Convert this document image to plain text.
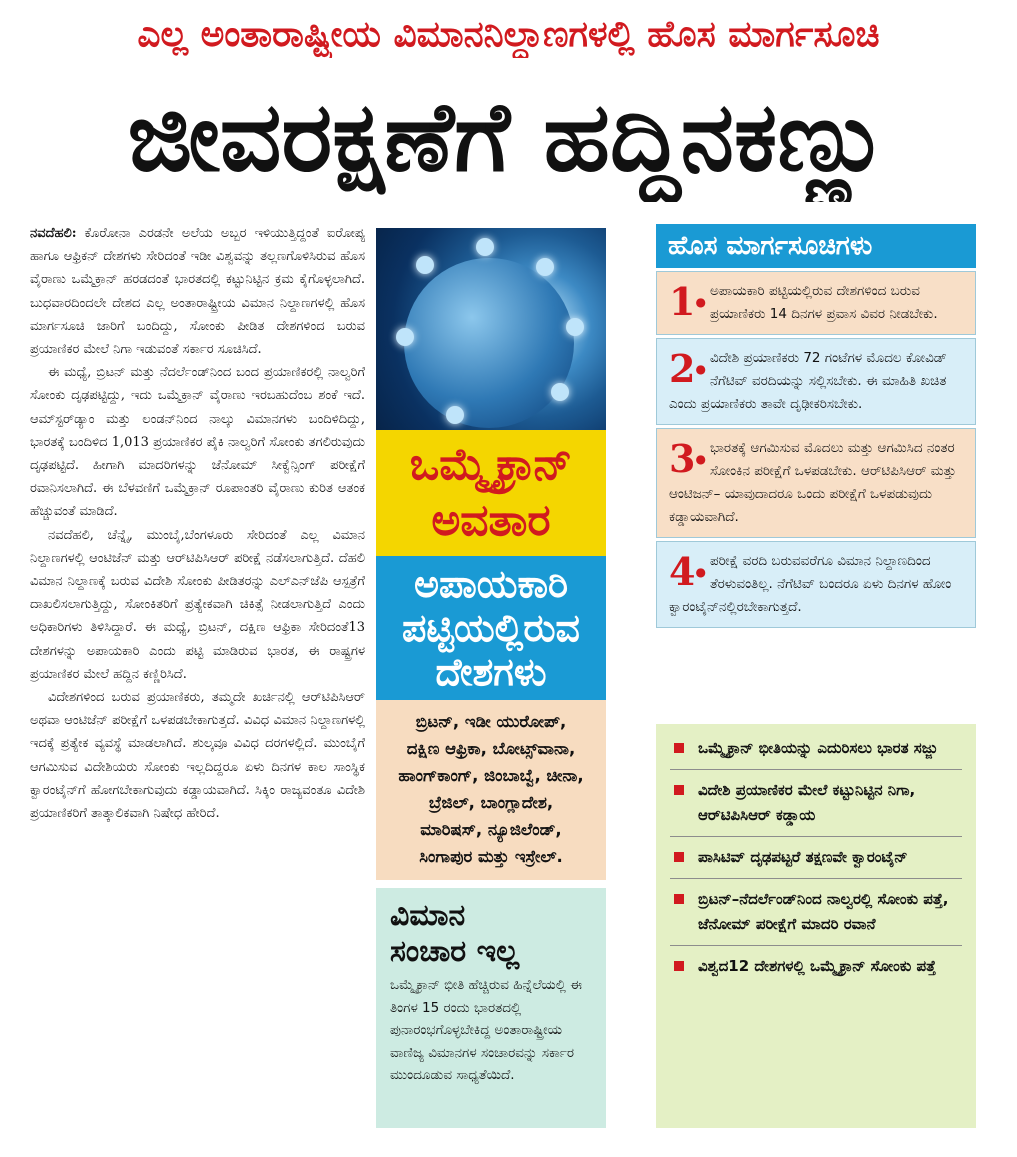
ಎಲ್ಲ ಅಂತಾರಾಷ್ಟ್ರೀಯ ವಿಮಾನನಿಲ್ದಾಣಗಳಲ್ಲಿ ಹೊಸ ಮಾರ್ಗಸೂಚಿ
ಜೀವರಕ್ಷಣೆಗೆ ಹದ್ದಿನಕಣ್ಣು

ನವದೆಹಲಿ: ಕೊರೋನಾ ಎರಡನೇ ಅಲೆಯ ಅಬ್ಬರ ಇಳಿಯುತ್ತಿದ್ದಂತೆ ಐರೋಪ್ಯ ಹಾಗೂ ಆಫ್ರಿಕನ್ ದೇಶಗಳು ಸೇರಿದಂತೆ ಇಡೀ ವಿಶ್ವವನ್ನು ತಲ್ಲಣಗೊಳಿಸಿರುವ ಹೊಸ ವೈರಾಣು ಒಮ್ಮೆಕ್ರಾನ್ ಹರಡದಂತೆ ಭಾರತದಲ್ಲಿ ಕಟ್ಟುನಿಟ್ಟಿನ ಕ್ರಮ ಕೈಗೊಳ್ಳಲಾಗಿದೆ. ಬುಧವಾರದಿಂದಲೇ ದೇಶದ ಎಲ್ಲ ಅಂತಾರಾಷ್ಟ್ರೀಯ ವಿಮಾನ ನಿಲ್ದಾಣಗಳಲ್ಲಿ ಹೊಸ ಮಾರ್ಗಸೂಚಿ ಜಾರಿಗೆ ಬಂದಿದ್ದು, ಸೋಂಕು ಪೀಡಿತ ದೇಶಗಳಿಂದ ಬರುವ ಪ್ರಯಾಣಿಕರ ಮೇಲೆ ನಿಗಾ ಇಡುವಂತೆ ಸರ್ಕಾರ ಸೂಚಿಸಿದೆ.

ಈ ಮಧ್ಯೆ, ಬ್ರಿಟನ್ ಮತ್ತು ನೆದರ್ಲೆಂಡ್‌ನಿಂದ ಬಂದ ಪ್ರಯಾಣಿಕರಲ್ಲಿ ನಾಲ್ವರಿಗೆ ಸೋಂಕು ದೃಢಪಟ್ಟಿದ್ದು, ಇದು ಒಮ್ಮೆಕ್ರಾನ್ ವೈರಾಣು ಇರಬಹುದೆಂಬ ಶಂಕೆ ಇದೆ. ಆಮ್‌ಸ್ಟರ್‌ಡ್ಯಾಂ ಮತ್ತು ಲಂಡನ್‌ನಿಂದ ನಾಲ್ಕು ವಿಮಾನಗಳು ಬಂದಿಳಿದಿದ್ದು, ಭಾರತಕ್ಕೆ ಬಂದಿಳಿದ 1,013 ಪ್ರಯಾಣಿಕರ ಪೈಕಿ ನಾಲ್ವರಿಗೆ ಸೋಂಕು ತಗಲಿರುವುದು ದೃಢಪಟ್ಟಿದೆ. ಹೀಗಾಗಿ ಮಾದರಿಗಳನ್ನು ಜೆನೋಮ್ ಸೀಕ್ವೆನ್ಸಿಂಗ್ ಪರೀಕ್ಷೆಗೆ ರವಾನಿಸಲಾಗಿದೆ. ಈ ಬೆಳವಣಿಗೆ ಒಮ್ಮೆಕ್ರಾನ್ ರೂಪಾಂತರಿ ವೈರಾಣು ಕುರಿತ ಆತಂಕ ಹೆಚ್ಚುವಂತೆ ಮಾಡಿದೆ.

ನವದೆಹಲಿ, ಚೆನ್ನೈ, ಮುಂಬೈ,ಬೆಂಗಳೂರು ಸೇರಿದಂತೆ ಎಲ್ಲ ವಿಮಾನ ನಿಲ್ದಾಣಗಳಲ್ಲಿ ಆಂಟಿಜೆನ್ ಮತ್ತು ಆರ್‌ಟಿಪಿಸಿಆರ್ ಪರೀಕ್ಷೆ ನಡೆಸಲಾಗುತ್ತಿದೆ. ದೆಹಲಿ ವಿಮಾನ ನಿಲ್ದಾಣಕ್ಕೆ ಬರುವ ವಿದೇಶಿ ಸೋಂಕು ಪೀಡಿತರನ್ನು ಎಲ್‌ಎನ್‌ಜೆಪಿ ಆಸ್ಪತ್ರೆಗೆ ದಾಖಲಿಸಲಾಗುತ್ತಿದ್ದು, ಸೋಂಕಿತರಿಗೆ ಪ್ರತ್ಯೇಕವಾಗಿ ಚಿಕಿತ್ಸೆ ನೀಡಲಾಗುತ್ತಿದೆ ಎಂದು ಅಧಿಕಾರಿಗಳು ತಿಳಿಸಿದ್ದಾರೆ. ಈ ಮಧ್ಯೆ, ಬ್ರಿಟನ್, ದಕ್ಷಿಣ ಆಫ್ರಿಕಾ ಸೇರಿದಂತೆ13 ದೇಶಗಳನ್ನು ಅಪಾಯಕಾರಿ ಎಂದು ಪಟ್ಟಿ ಮಾಡಿರುವ ಭಾರತ, ಈ ರಾಷ್ಟ್ರಗಳ ಪ್ರಯಾಣಿಕರ ಮೇಲೆ ಹದ್ದಿನ ಕಣ್ಣಿರಿಸಿದೆ.

ವಿದೇಶಗಳಿಂದ ಬರುವ ಪ್ರಯಾಣಿಕರು, ತಮ್ಮದೇ ಖರ್ಚಿನಲ್ಲಿ ಆರ್‌ಟಿಪಿಸಿಆರ್ ಅಥವಾ ಆಂಟಿಜೆನ್ ಪರೀಕ್ಷೆಗೆ ಒಳಪಡಬೇಕಾಗುತ್ತದೆ. ವಿವಿಧ ವಿಮಾನ ನಿಲ್ದಾಣಗಳಲ್ಲಿ ಇದಕ್ಕೆ ಪ್ರತ್ಯೇಕ ವ್ಯವಸ್ಥೆ ಮಾಡಲಾಗಿದೆ. ಶುಲ್ಕವೂ ವಿವಿಧ ದರಗಳಲ್ಲಿದೆ. ಮುಂಬೈಗೆ ಆಗಮಿಸುವ ವಿದೇಶಿಯರು ಸೋಂಕು ಇಲ್ಲದಿದ್ದರೂ ಏಳು ದಿನಗಳ ಕಾಲ ಸಾಂಸ್ಥಿಕ ಕ್ವಾರಂಟೈನ್‌ಗೆ ಹೋಗಬೇಕಾಗುವುದು ಕಡ್ಡಾಯವಾಗಿದೆ. ಸಿಕ್ಕಿಂ ರಾಜ್ಯವಂತೂ ವಿದೇಶಿ ಪ್ರಯಾಣಿಕರಿಗೆ ತಾತ್ಕಾಲಿಕವಾಗಿ ನಿಷೇಧ ಹೇರಿದೆ.

ಒಮ್ಮೈಕ್ರಾನ್
ಅವತಾರ
ಅಪಾಯಕಾರಿ
ಪಟ್ಟಿಯಲ್ಲಿರುವ
ದೇಶಗಳು
ಬ್ರಿಟನ್, ಇಡೀ ಯುರೋಪ್,
ದಕ್ಷಿಣ ಆಫ್ರಿಕಾ, ಬೋಟ್ಸ್‌ವಾನಾ,
ಹಾಂಗ್‌ಕಾಂಗ್, ಜಿಂಬಾಬ್ವೆ, ಚೀನಾ,
ಬ್ರೆಜಿಲ್, ಬಾಂಗ್ಲಾದೇಶ,
ಮಾರಿಷಸ್, ನ್ಯೂಜಿಲೆಂಡ್,
ಸಿಂಗಾಪುರ ಮತ್ತು ಇಸ್ರೇಲ್.
ವಿಮಾನ
ಸಂಚಾರ ಇಲ್ಲ
ಒಮ್ಮೈಕ್ರಾನ್ ಭೀತಿ ಹೆಚ್ಚಿರುವ ಹಿನ್ನೆಲೆಯಲ್ಲಿ ಈ ತಿಂಗಳ 15 ರಂದು ಭಾರತದಲ್ಲಿ ಪುನಾರಂಭಗೊಳ್ಳಬೇಕಿದ್ದ ಅಂತಾರಾಷ್ಟ್ರೀಯ ವಾಣಿಜ್ಯ ವಿಮಾನಗಳ ಸಂಚಾರವನ್ನು ಸರ್ಕಾರ ಮುಂದೂಡುವ ಸಾಧ್ಯತೆಯಿದೆ.
ಹೊಸ ಮಾರ್ಗಸೂಚಿಗಳು
1●
ಅಪಾಯಕಾರಿ ಪಟ್ಟಿಯಲ್ಲಿರುವ ದೇಶಗಳಿಂದ ಬರುವ ಪ್ರಯಾಣಿಕರು 14 ದಿನಗಳ ಪ್ರವಾಸ ವಿವರ ನೀಡಬೇಕು.
2●
ವಿದೇಶಿ ಪ್ರಯಾಣಿಕರು 72 ಗಂಟೆಗಳ ಮೊದಲ ಕೋವಿಡ್ ನೆಗೆಟಿವ್ ವರದಿಯನ್ನು ಸಲ್ಲಿಸಬೇಕು. ಈ ಮಾಹಿತಿ ಖಚಿತ ಎಂದು ಪ್ರಯಾಣಿಕರು ತಾವೇ ದೃಢೀಕರಿಸಬೇಕು.
3●
ಭಾರತಕ್ಕೆ ಆಗಮಿಸುವ ಮೊದಲು ಮತ್ತು ಆಗಮಿಸಿದ ನಂತರ ಸೋಂಕಿನ ಪರೀಕ್ಷೆಗೆ ಒಳಪಡಬೇಕು. ಆರ್‌ಟಿಪಿಸಿಆರ್ ಮತ್ತು ಆಂಟಿಜನ್– ಯಾವುದಾದರೂ ಒಂದು ಪರೀಕ್ಷೆಗೆ ಒಳಪಡುವುದು ಕಡ್ಡಾಯವಾಗಿದೆ.
4●
ಪರೀಕ್ಷೆ ವರದಿ ಬರುವವರೆಗೂ ವಿಮಾನ ನಿಲ್ದಾಣದಿಂದ ತೆರಳುವಂತಿಲ್ಲ. ನೆಗೆಟಿವ್ ಬಂದರೂ ಏಳು ದಿನಗಳ ಹೋಂ ಕ್ವಾರಂಟೈನ್‌ನಲ್ಲಿರಬೇಕಾಗುತ್ತದೆ.
ಒಮ್ಮೈಕ್ರಾನ್ ಭೀತಿಯನ್ನು ಎದುರಿಸಲು ಭಾರತ ಸಜ್ಜು
ವಿದೇಶಿ ಪ್ರಯಾಣಿಕರ ಮೇಲೆ ಕಟ್ಟುನಿಟ್ಟಿನ ನಿಗಾ, ಆರ್‌ಟಿಪಿಸಿಆರ್ ಕಡ್ಡಾಯ
ಪಾಸಿಟಿವ್ ದೃಢಪಟ್ಟರೆ ತಕ್ಷಣವೇ ಕ್ವಾರಂಟೈನ್
ಬ್ರಿಟನ್–ನೆದರ್ಲೆಂಡ್‌ನಿಂದ ನಾಲ್ವರಲ್ಲಿ ಸೋಂಕು ಪತ್ತೆ, ಜೆನೋಮ್ ಪರೀಕ್ಷೆಗೆ ಮಾದರಿ ರವಾನೆ
ವಿಶ್ವದ12 ದೇಶಗಳಲ್ಲಿ ಒಮ್ಮೈಕ್ರಾನ್ ಸೋಂಕು ಪತ್ತೆ
